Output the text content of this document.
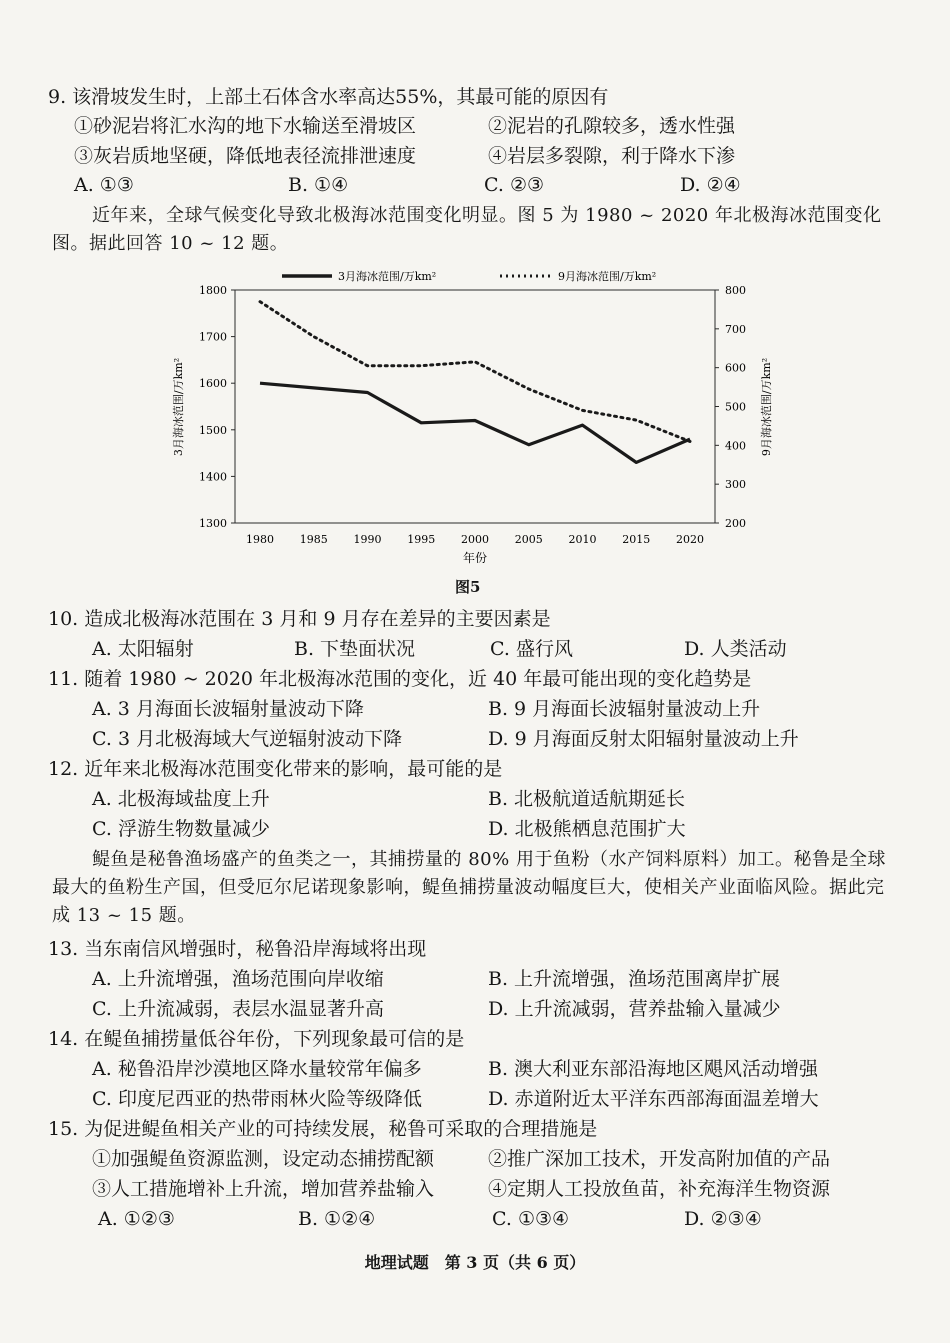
9. 该滑坡发生时，上部土石体含水率高达55%，其最可能的原因有
①砂泥岩将汇水沟的地下水输送至滑坡区	②泥岩的孔隙较多，透水性强
③灰岩质地坚硬，降低地表径流排泄速度	④岩层多裂隙，利于降水下渗
A. ①③	B. ①④	C. ②③	D. ②④
近年来，全球气候变化导致北极海冰范围变化明显。图 5 为 1980 ~ 2020 年北极海冰范围变化图。据此回答 10 ~ 12 题。
3月海冰范围/万km²	9月海冰范围/万km²
1300
1400
1500
1600
1700
1800
200
300
400
500
600
700
800
1980 1985 1990 1995 2000 2005 2010 2015 2020
3月海冰范围/万km²	9月海冰范围/万km²
年份
图5
10. 造成北极海冰范围在 3 月和 9 月存在差异的主要因素是
A. 太阳辐射	B. 下垫面状况	C. 盛行风	D. 人类活动
11. 随着 1980 ~ 2020 年北极海冰范围的变化，近 40 年最可能出现的变化趋势是
A. 3 月海面长波辐射量波动下降	B. 9 月海面长波辐射量波动上升
C. 3 月北极海域大气逆辐射波动下降	D. 9 月海面反射太阳辐射量波动上升
12. 近年来北极海冰范围变化带来的影响，最可能的是
A. 北极海域盐度上升	B. 北极航道适航期延长
C. 浮游生物数量减少	D. 北极熊栖息范围扩大
鳀鱼是秘鲁渔场盛产的鱼类之一，其捕捞量的 80% 用于鱼粉（水产饲料原料）加工。秘鲁是全球最大的鱼粉生产国，但受厄尔尼诺现象影响，鳀鱼捕捞量波动幅度巨大，使相关产业面临风险。据此完成 13 ~ 15 题。
13. 当东南信风增强时，秘鲁沿岸海域将出现
A. 上升流增强，渔场范围向岸收缩	B. 上升流增强，渔场范围离岸扩展
C. 上升流减弱，表层水温显著升高	D. 上升流减弱，营养盐输入量减少
14. 在鳀鱼捕捞量低谷年份，下列现象最可信的是
A. 秘鲁沿岸沙漠地区降水量较常年偏多	B. 澳大利亚东部沿海地区飓风活动增强
C. 印度尼西亚的热带雨林火险等级降低	D. 赤道附近太平洋东西部海面温差增大
15. 为促进鳀鱼相关产业的可持续发展，秘鲁可采取的合理措施是
①加强鳀鱼资源监测，设定动态捕捞配额	②推广深加工技术，开发高附加值的产品
③人工措施增补上升流，增加营养盐输入	④定期人工投放鱼苗，补充海洋生物资源
A. ①②③	B. ①②④	C. ①③④	D. ②③④
地理试题　第 3 页（共 6 页）
